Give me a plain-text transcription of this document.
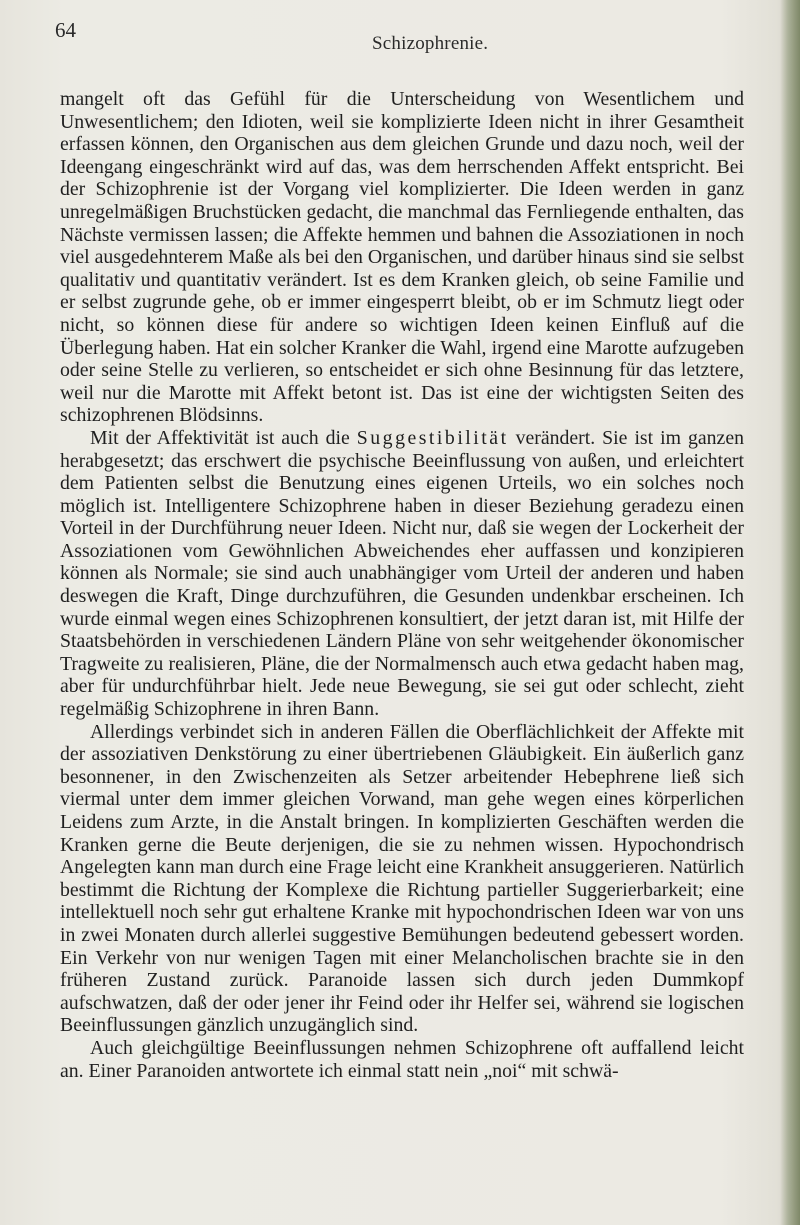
64
Schizophrenie.

mangelt oft das Gefühl für die Unterscheidung von Wesentlichem und Unwesentlichem; den Idioten, weil sie komplizierte Ideen nicht in ihrer Gesamtheit erfassen können, den Organischen aus dem gleichen Grunde und dazu noch, weil der Ideengang eingeschränkt wird auf das, was dem herrschenden Affekt entspricht. Bei der Schizophrenie ist der Vorgang viel komplizierter. Die Ideen werden in ganz unregelmäßigen Bruchstücken gedacht, die manchmal das Fernliegende enthalten, das Nächste vermissen lassen; die Affekte hemmen und bahnen die Assoziationen in noch viel ausgedehnterem Maße als bei den Organischen, und darüber hinaus sind sie selbst qualitativ und quantitativ verändert. Ist es dem Kranken gleich, ob seine Familie und er selbst zugrunde gehe, ob er immer eingesperrt bleibt, ob er im Schmutz liegt oder nicht, so können diese für andere so wichtigen Ideen keinen Einfluß auf die Überlegung haben. Hat ein solcher Kranker die Wahl, irgend eine Marotte aufzugeben oder seine Stelle zu verlieren, so entscheidet er sich ohne Besinnung für das letztere, weil nur die Marotte mit Affekt betont ist. Das ist eine der wichtigsten Seiten des schizophrenen Blödsinns.

Mit der Affektivität ist auch die Suggestibilität verändert. Sie ist im ganzen herabgesetzt; das erschwert die psychische Beeinflussung von außen, und erleichtert dem Patienten selbst die Benutzung eines eigenen Urteils, wo ein solches noch möglich ist. Intelligentere Schizophrene haben in dieser Beziehung geradezu einen Vorteil in der Durchführung neuer Ideen. Nicht nur, daß sie wegen der Lockerheit der Assoziationen vom Gewöhnlichen Abweichendes eher auffassen und konzipieren können als Normale; sie sind auch unabhängiger vom Urteil der anderen und haben deswegen die Kraft, Dinge durchzuführen, die Gesunden undenkbar erscheinen. Ich wurde einmal wegen eines Schizophrenen konsultiert, der jetzt daran ist, mit Hilfe der Staatsbehörden in verschiedenen Ländern Pläne von sehr weitgehender ökonomischer Tragweite zu realisieren, Pläne, die der Normalmensch auch etwa gedacht haben mag, aber für undurchführbar hielt. Jede neue Bewegung, sie sei gut oder schlecht, zieht regelmäßig Schizophrene in ihren Bann.

Allerdings verbindet sich in anderen Fällen die Oberflächlichkeit der Affekte mit der assoziativen Denkstörung zu einer übertriebenen Gläubigkeit. Ein äußerlich ganz besonnener, in den Zwischenzeiten als Setzer arbeitender Hebephrene ließ sich viermal unter dem immer gleichen Vorwand, man gehe wegen eines körperlichen Leidens zum Arzte, in die Anstalt bringen. In komplizierten Geschäften werden die Kranken gerne die Beute derjenigen, die sie zu nehmen wissen. Hypochondrisch Angelegten kann man durch eine Frage leicht eine Krankheit ansuggerieren. Natürlich bestimmt die Richtung der Komplexe die Richtung partieller Suggerierbarkeit; eine intellektuell noch sehr gut erhaltene Kranke mit hypochondrischen Ideen war von uns in zwei Monaten durch allerlei suggestive Bemühungen bedeutend gebessert worden. Ein Verkehr von nur wenigen Tagen mit einer Melancholischen brachte sie in den früheren Zustand zurück. Paranoide lassen sich durch jeden Dummkopf aufschwatzen, daß der oder jener ihr Feind oder ihr Helfer sei, während sie logischen Beeinflussungen gänzlich unzugänglich sind.

Auch gleichgültige Beeinflussungen nehmen Schizophrene oft auffallend leicht an. Einer Paranoiden antwortete ich einmal statt nein „noi“ mit schwä-
